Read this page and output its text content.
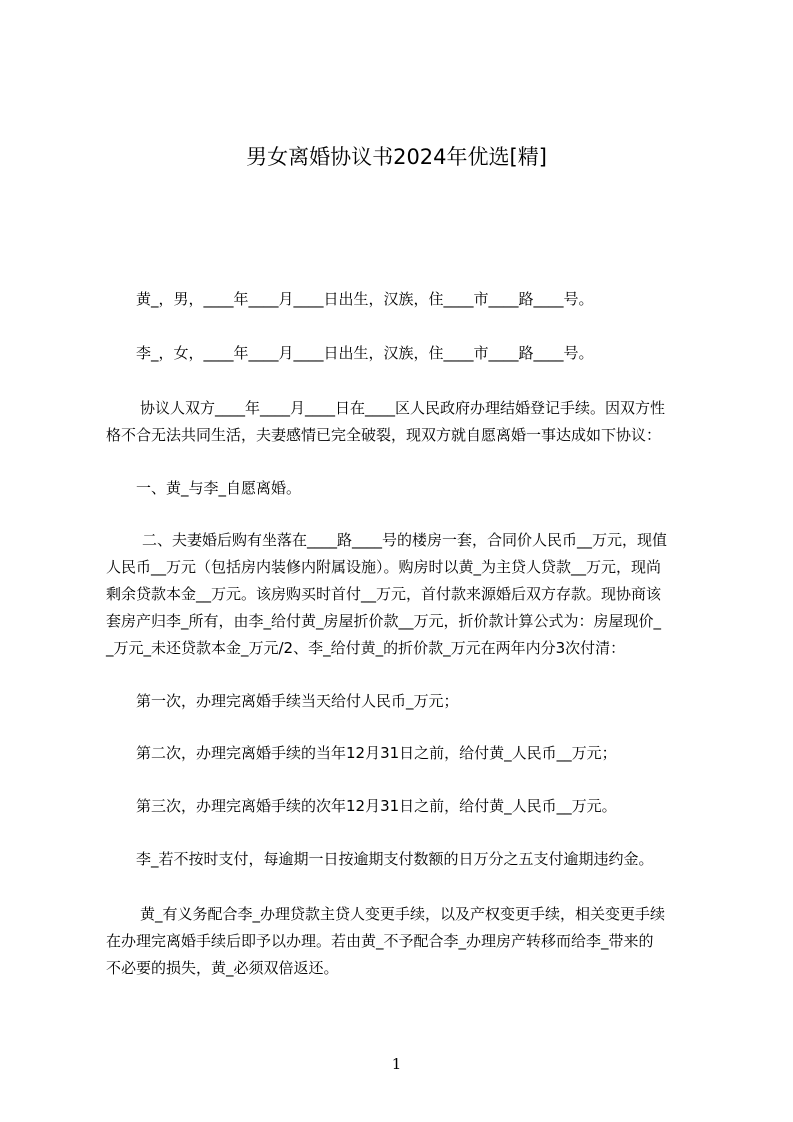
男女离婚协议书2024年优选[精]
黄_，男，____年____月____日出生，汉族，住____市____路____号。
李_，女，____年____月____日出生，汉族，住____市____路____号。
协议人双方____年____月____日在____区人民政府办理结婚登记手续。因双方性
格不合无法共同生活，夫妻感情已完全破裂，现双方就自愿离婚一事达成如下协议：
一、黄_与李_自愿离婚。
二、夫妻婚后购有坐落在____路____号的楼房一套，合同价人民币__万元，现值
人民币__万元（包括房内装修内附属设施）。购房时以黄_为主贷人贷款__万元，现尚
剩余贷款本金__万元。该房购买时首付__万元，首付款来源婚后双方存款。现协商该
套房产归李_所有，由李_给付黄_房屋折价款__万元，折价款计算公式为：房屋现价_
_万元_未还贷款本金_万元/2、李_给付黄_的折价款_万元在两年内分3次付清：
第一次，办理完离婚手续当天给付人民币_万元；
第二次，办理完离婚手续的当年12月31日之前，给付黄_人民币__万元；
第三次，办理完离婚手续的次年12月31日之前，给付黄_人民币__万元。
李_若不按时支付，每逾期一日按逾期支付数额的日万分之五支付逾期违约金。
黄_有义务配合李_办理贷款主贷人变更手续，以及产权变更手续，相关变更手续
在办理完离婚手续后即予以办理。若由黄_不予配合李_办理房产转移而给李_带来的
不必要的损失，黄_必须双倍返还。
1
